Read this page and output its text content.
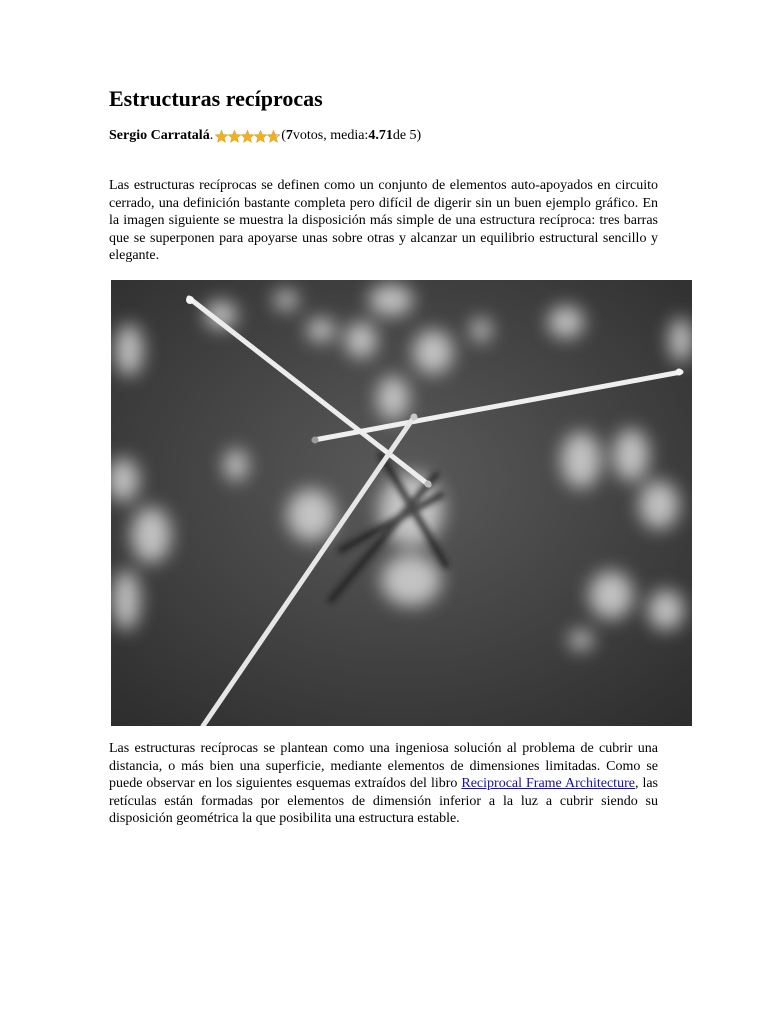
Estructuras recíprocas
Sergio Carratalá .	( 7 votos, media: 4.71 de 5)

Las estructuras recíprocas se definen como un conjunto de elementos auto-apoyados en circuito cerrado, una definición bastante completa pero difícil de digerir sin un buen ejemplo gráfico. En la imagen siguiente se muestra la disposición más simple de una estructura recíproca: tres barras que se superponen para apoyarse unas sobre otras y alcanzar un equilibrio estructural sencillo y elegante.

Las estructuras recíprocas se plantean como una ingeniosa solución al problema de cubrir una distancia, o más bien una superficie, mediante elementos de dimensiones limitadas. Como se puede observar en los siguientes esquemas extraídos del libro Reciprocal Frame Architecture, las retículas están formadas por elementos de dimensión inferior a la luz a cubrir siendo su disposición geométrica la que posibilita una estructura estable.
